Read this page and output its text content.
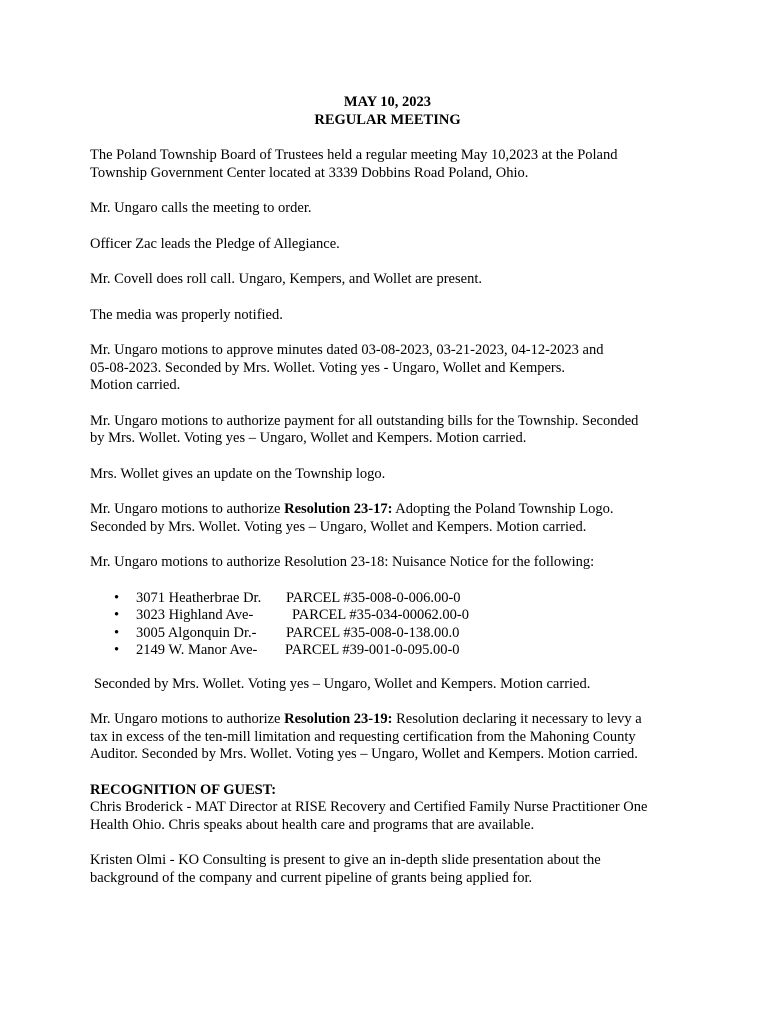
MAY 10, 2023
REGULAR MEETING

The Poland Township Board of Trustees held a regular meeting May 10,2023 at the Poland
Township Government Center located at 3339 Dobbins Road Poland, Ohio.

Mr. Ungaro calls the meeting to order.

Officer Zac leads the Pledge of Allegiance.

Mr. Covell does roll call. Ungaro, Kempers, and Wollet are present.

The media was properly notified.

Mr. Ungaro motions to approve minutes dated 03-08-2023, 03-21-2023, 04-12-2023 and
05-08-2023. Seconded by Mrs. Wollet. Voting yes - Ungaro, Wollet and Kempers.
Motion carried.

Mr. Ungaro motions to authorize payment for all outstanding bills for the Township. Seconded
by Mrs. Wollet. Voting yes – Ungaro, Wollet and Kempers. Motion carried.

Mrs. Wollet gives an update on the Township logo.

Mr. Ungaro motions to authorize Resolution 23-17: Adopting the Poland Township Logo.
Seconded by Mrs. Wollet. Voting yes – Ungaro, Wollet and Kempers. Motion carried.

Mr. Ungaro motions to authorize Resolution 23-18: Nuisance Notice for the following:

• 3071 Heatherbrae Dr. PARCEL #35-008-0-006.00-0
• 3023 Highland Ave-	PARCEL #35-034-00062.00-0
• 3005 Algonquin Dr.- PARCEL #35-008-0-138.00.0
• 2149 W. Manor Ave- PARCEL #39-001-0-095.00-0

Seconded by Mrs. Wollet. Voting yes – Ungaro, Wollet and Kempers. Motion carried.

Mr. Ungaro motions to authorize Resolution 23-19: Resolution declaring it necessary to levy a
tax in excess of the ten-mill limitation and requesting certification from the Mahoning County
Auditor. Seconded by Mrs. Wollet. Voting yes – Ungaro, Wollet and Kempers. Motion carried.

RECOGNITION OF GUEST:
Chris Broderick - MAT Director at RISE Recovery and Certified Family Nurse Practitioner One
Health Ohio. Chris speaks about health care and programs that are available.

Kristen Olmi - KO Consulting is present to give an in-depth slide presentation about the
background of the company and current pipeline of grants being applied for.
